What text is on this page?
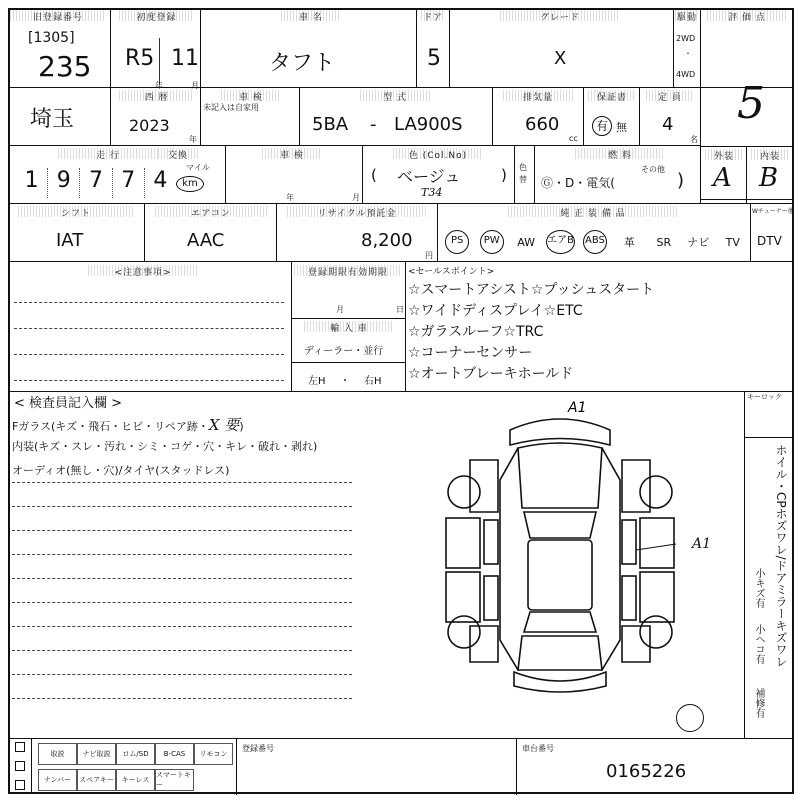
旧登録番号
[1305]
235
初度登録
R5 11
年	月
車 名
タフト
ドア
5
グレード
X
駆動
2WD
・
4WD
評 価 点
5
埼玉
西 暦
2023
年
車 検
未記入は自家用
型 式
5BA - LA900S
排気量
660
cc
保証書
有 無
定 員
4
名
走 行	交換
1 9 7 7 4
マイル
km
車 検
年	月
色 (Col.No)
( ベージュ	)
T34
色替
燃 料
Ⓖ・D・電気(
その他
)
外装
A
内装
B
シフト
IAT
エアコン
AAC
リサイクル預託金
8,200
円
純 正 装 備 品
PS	PW	AW エアB ABS 革 SR ナビ TV
Wチューナー他
DTV
<注意事項>	登録期限有効期限
月	日
輸 入 車
ディーラー・並行
左H ・ 右H
<セールスポイント>
☆スマートアシスト☆プッシュスタート
☆ワイドディスプレイ☆ETC
☆ガラスルーフ☆TRC
☆コーナーセンサー
☆オートブレーキホールド
< 検査員記入欄 >
Fガラス(キズ・飛石・ヒビ・リペア跡・X 要)
内装(キズ・スレ・汚れ・シミ・コゲ・穴・キレ・破れ・剥れ)
オーディオ(無し・穴)/タイヤ(スタッドレス)
A1
A1
キーロック
ホイル・CPホズワレ/ドアミラーキズワレ
小キズ有
小ヘコ有
補修有
取説	ナビ取説	ロム/SD	B-CAS	リモコン
ナンバー	スペアキー	キーレス
スマートキー
登録番号	車台番号
0165226
